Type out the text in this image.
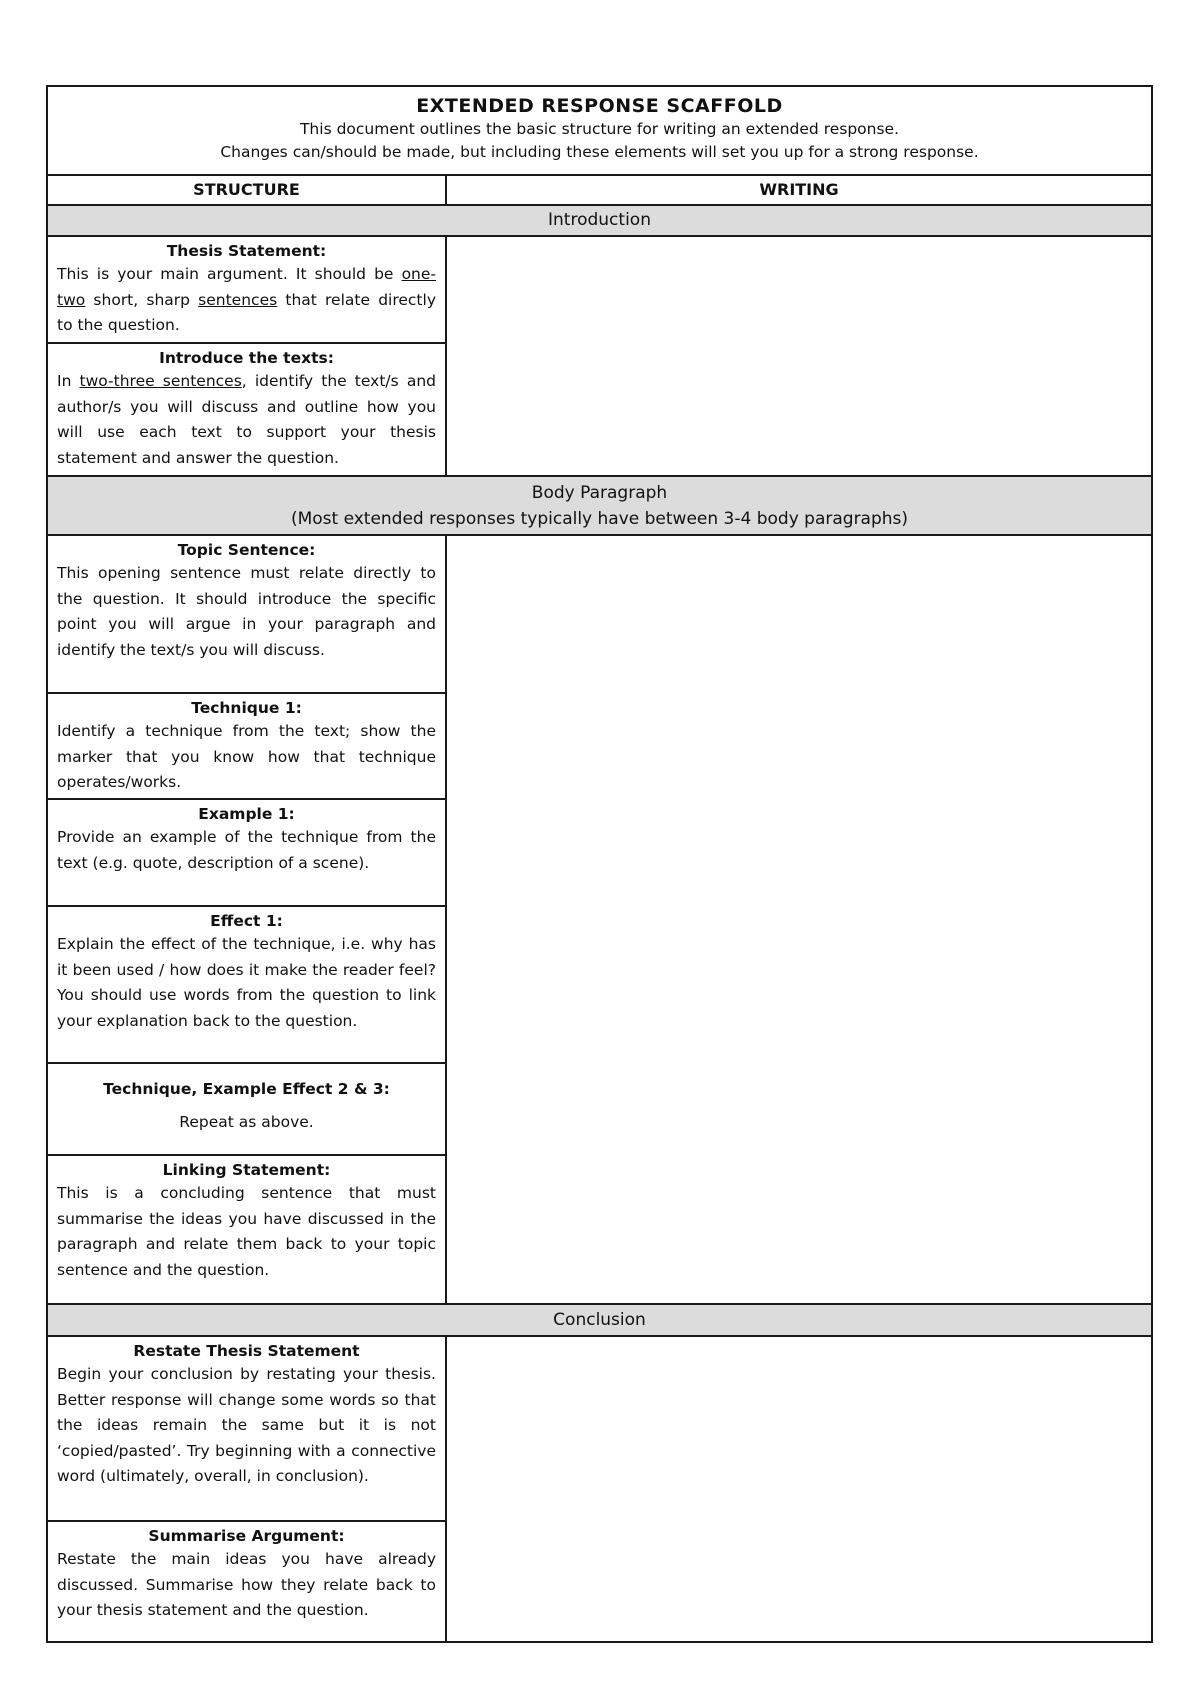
EXTENDED RESPONSE SCAFFOLD
This document outlines the basic structure for writing an extended response.
Changes can/should be made, but including these elements will set you up for a strong response.
STRUCTURE	WRITING
Introduction
Thesis Statement:
This is your main argument. It should be one-two short, sharp sentences that relate directly to the question.
Introduce the texts:
In two-three sentences, identify the text/s and author/s you will discuss and outline how you will use each text to support your thesis statement and answer the question.
Body Paragraph
(Most extended responses typically have between 3-4 body paragraphs)
Topic Sentence:
This opening sentence must relate directly to the question. It should introduce the specific point you will argue in your paragraph and identify the text/s you will discuss.
Technique 1:
Identify a technique from the text; show the marker that you know how that technique operates/works.
Example 1:
Provide an example of the technique from the text (e.g. quote, description of a scene).
Effect 1:
Explain the effect of the technique, i.e. why has it been used / how does it make the reader feel? You should use words from the question to link your explanation back to the question.
Technique, Example Effect 2 & 3:
Repeat as above.
Linking Statement:
This is a concluding sentence that must summarise the ideas you have discussed in the paragraph and relate them back to your topic sentence and the question.
Conclusion
Restate Thesis Statement
Begin your conclusion by restating your thesis. Better response will change some words so that the ideas remain the same but it is not ‘copied/pasted’. Try beginning with a connective word (ultimately, overall, in conclusion).
Summarise Argument:
Restate the main ideas you have already discussed. Summarise how they relate back to your thesis statement and the question.
